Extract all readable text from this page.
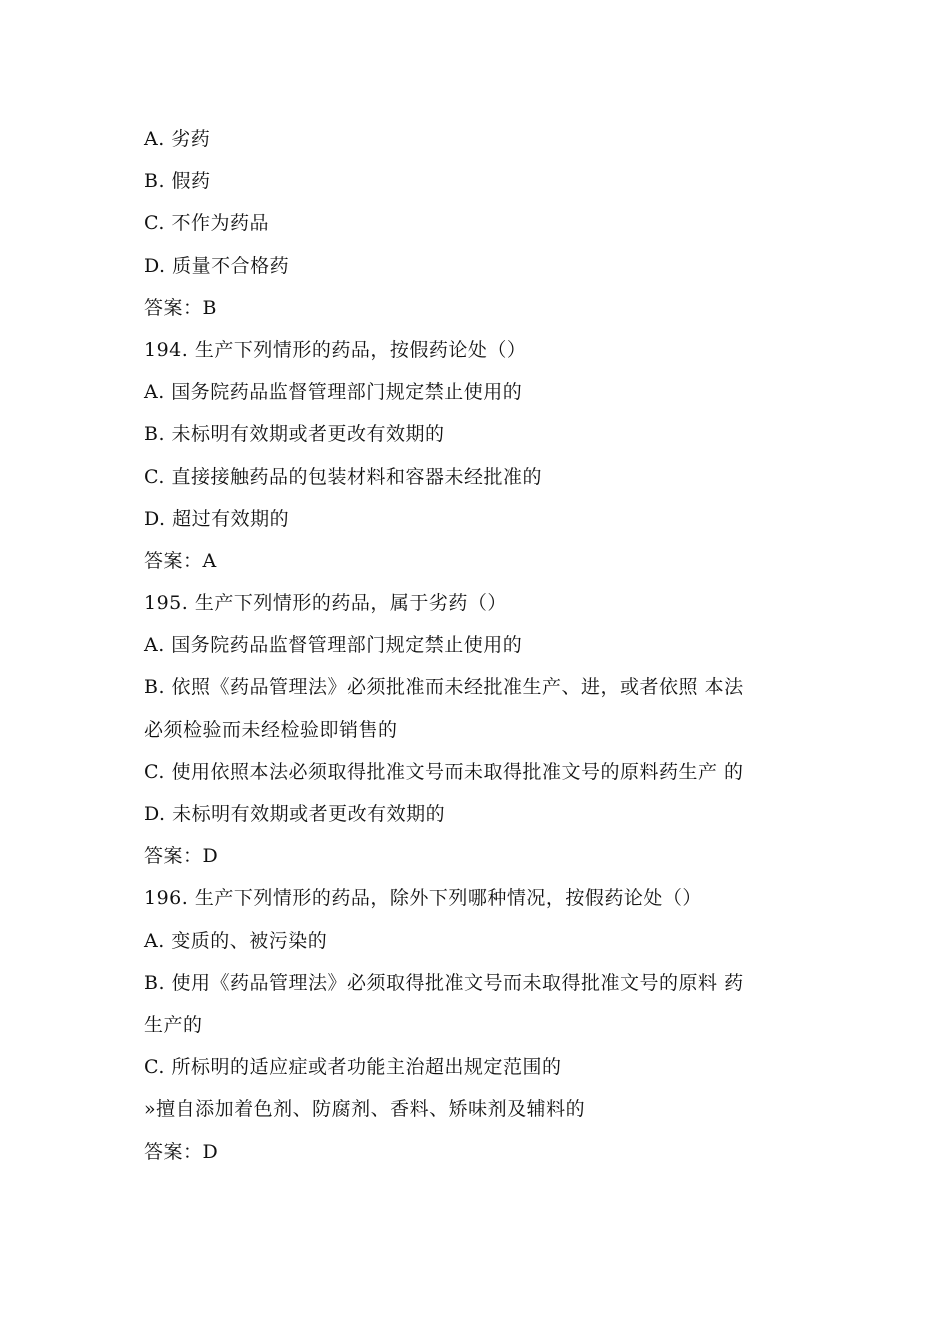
A. 劣药
B. 假药
C. 不作为药品
D. 质量不合格药
答案：B
194. 生产下列情形的药品，按假药论处（）
A. 国务院药品监督管理部门规定禁止使用的
B. 未标明有效期或者更改有效期的
C. 直接接触药品的包装材料和容器未经批准的
D. 超过有效期的
答案：A
195. 生产下列情形的药品，属于劣药（）
A. 国务院药品监督管理部门规定禁止使用的
B. 依照《药品管理法》必须批准而未经批准生产、进，或者依照 本法
必须检验而未经检验即销售的
C. 使用依照本法必须取得批准文号而未取得批准文号的原料药生产 的
D. 未标明有效期或者更改有效期的
答案：D
196. 生产下列情形的药品，除外下列哪种情况，按假药论处（）
A. 变质的、被污染的
B. 使用《药品管理法》必须取得批准文号而未取得批准文号的原料 药
生产的
C. 所标明的适应症或者功能主治超出规定范围的
»擅自添加着色剂、防腐剂、香料、矫味剂及辅料的
答案：D
